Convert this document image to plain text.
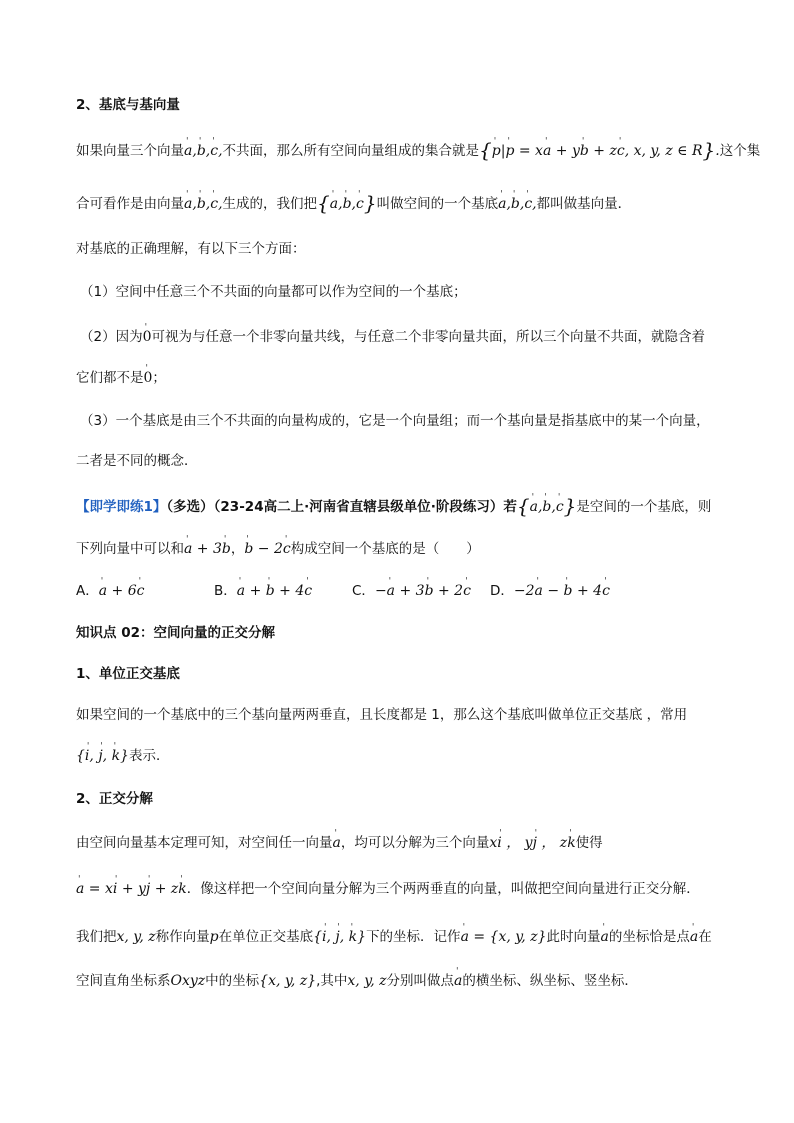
2、基底与基向量
如果向量三个向量' a,' b,' c,不共面，那么所有空间向量组成的集合就是{' p|' p = x' a + y' b + z' c, x, y, z ∈ R}.这个集
合可看作是由向量' a,' b,' c,生成的，我们把{' a,' b,' c}叫做空间的一个基底' a,' b,' c,都叫做基向量．
对基底的正确理解，有以下三个方面：
（1）空间中任意三个不共面的向量都可以作为空间的一个基底；
（2）因为' 0可视为与任意一个非零向量共线，与任意二个非零向量共面，所以三个向量不共面，就隐含着
它们都不是' 0；
（3）一个基底是由三个不共面的向量构成的，它是一个向量组；而一个基向量是指基底中的某一个向量，
二者是不同的概念．
【即学即练1】（多选）（23-24高二上·河南省直辖县级单位·阶段练习）若{' a,' b,' c}是空间的一个基底，则
下列向量中可以和' a + 3' b，' b − 2' c构成空间一个基底的是（　　）
A．' a + 6' c	B．' a + ' b + 4' c	C．−' a + 3' b + 2' c D．−2' a − ' b + 4' c
知识点 02：空间向量的正交分解
1、单位正交基底
如果空间的一个基底中的三个基向量两两垂直，且长度都是 1，那么这个基底叫做单位正交基底 ，常用
{' i, ' j, ' k}表示．
2、正交分解
由空间向量基本定理可知，对空间任一向量' a，均可以分解为三个向量x' i ， y' j ， z' k使得
' a = x' i + y' j + z' k．像这样把一个空间向量分解为三个两两垂直的向量，叫做把空间向量进行正交分解．
我们把x, y, z称作向量p在单位正交基底{' i, ' j, ' k}下的坐标．记作' a = {x, y, z}此时向量' a的坐标恰是点' a在
空间直角坐标系Oxyz中的坐标{x, y, z},其中x, y, z分别叫做点' a的横坐标、纵坐标、竖坐标．
